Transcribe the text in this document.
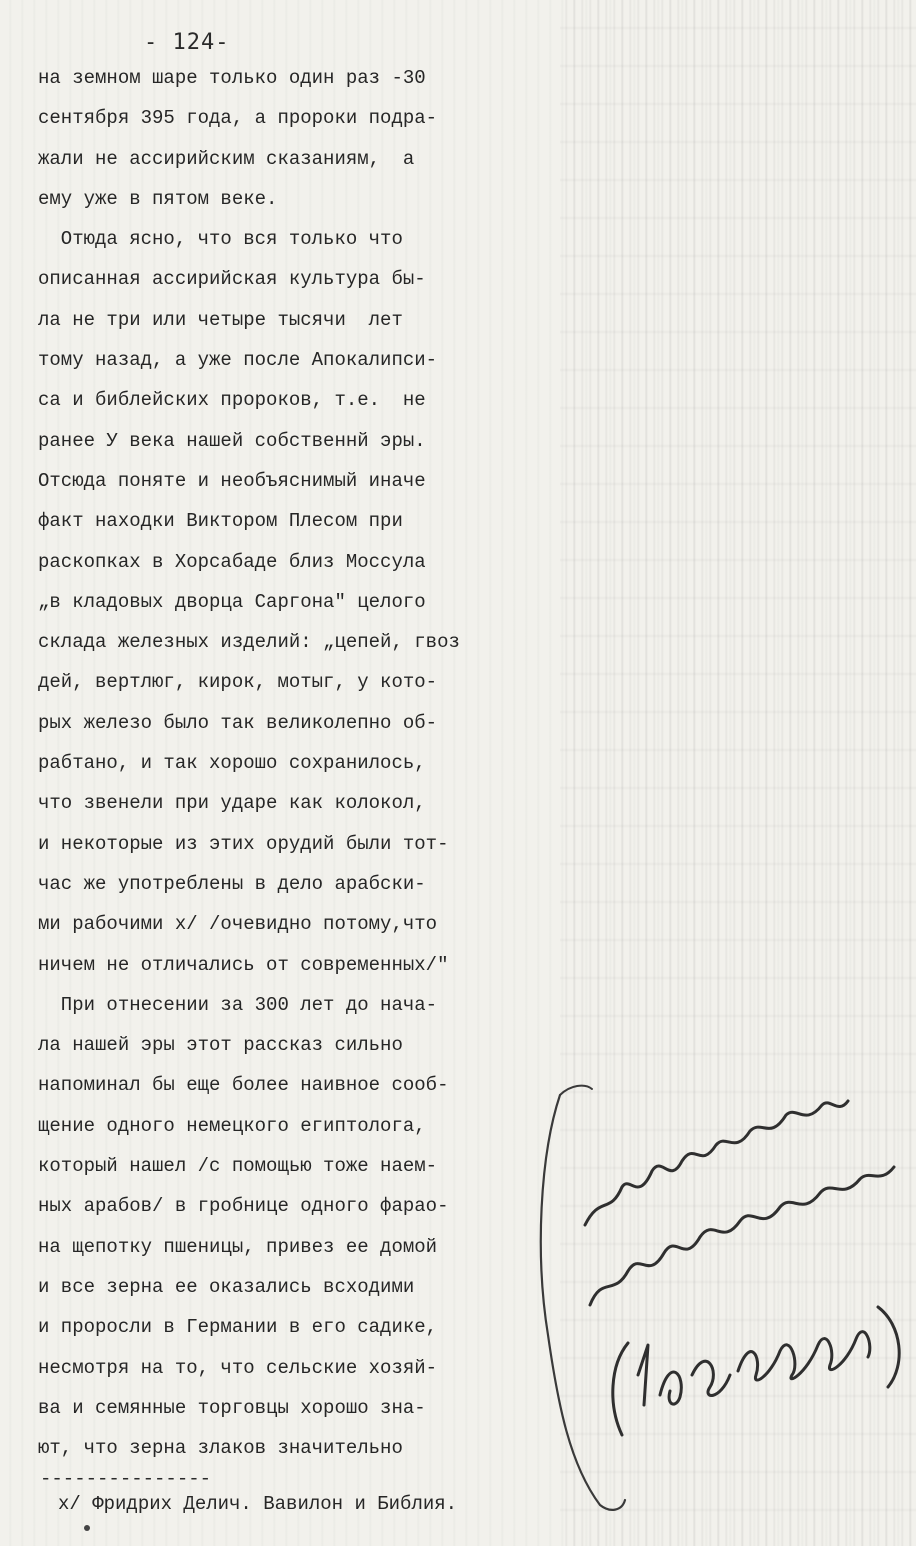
- 124-
на земном шаре только один раз -30
сентября 395 года, а пророки подра-
жали не ассирийским сказаниям,  а
ему уже в пятом веке.
Отюда ясно, что вся только что
описанная ассирийская культура бы-
ла не три или четыре тысячи  лет
тому назад, а уже после Апокалипси-
са и библейских пророков, т.е.  не
ранее У века нашей собственнй эры.
Отсюда понятe и необъяснимый иначе
факт находки Виктором Плесом при
раскопках в Хорсабаде близ Моссула
„в кладовых дворца Саргона" целого
склада железных изделий: „цепей, гвоз
дей, вертлюг, кирок, мотыг, у кото-
рых железо было так великолепно об-
рабтано, и так хорошо сохранилось,
что звенели при ударе как колокол,
и некоторые из этих орудий были тот-
час же употреблены в дело арабски-
ми рабочими x/ /очевидно потому,что
ничем не отличались от современных/"
При отнесении за 300 лет до нача-
ла нашей эры этот рассказ сильно
напоминал бы еще более наивное сооб-
щение одного немецкого египтолога,
который нашел /с помощью тоже наем-
ных арабов/ в гробнице одного фарао-
на щепотку пшеницы, привез ее домой
и все зерна ее оказались всходими
и проросли в Германии в его садике,
несмотря на то, что сельские хозяй-
ва и семянные торговцы хорошо зна-
ют, что зерна злаков значительно
---------------
x/ Фридрих Делич. Вавилон и Библия.
